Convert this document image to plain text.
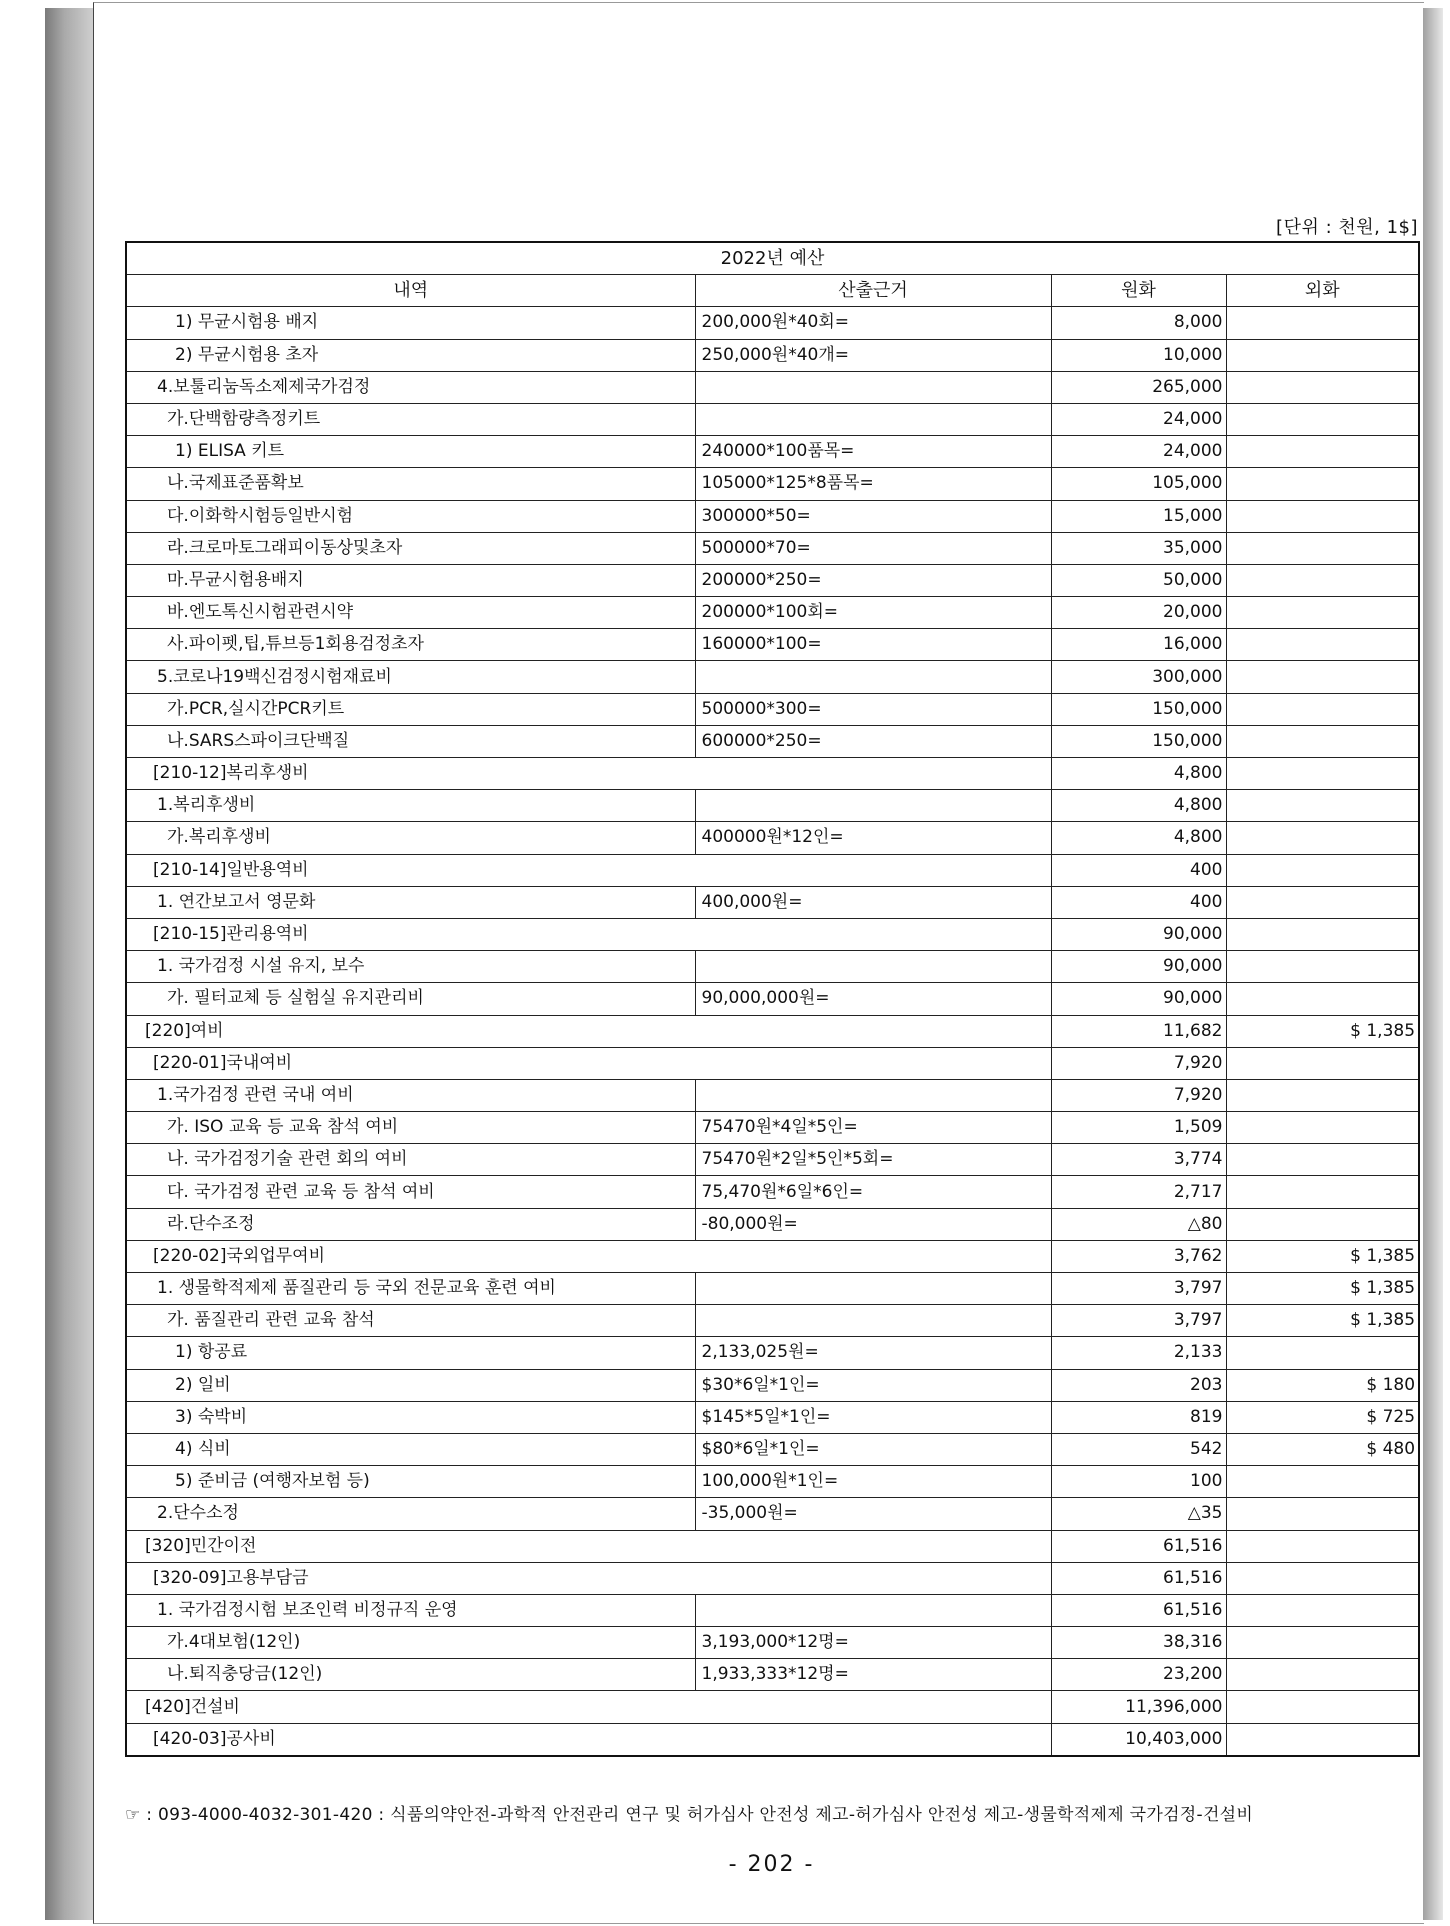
[단위 : 천원, 1$]
2022년 예산			
내역	산출근거	원화	외화
1) 무균시험용 배지	200,000원*40회=	8,000	
2) 무균시험용 초자	250,000원*40개=	10,000	
4.보툴리눔독소제제국가검정		265,000	
가.단백함량측정키트		24,000	
1) ELISA 키트	240000*100품목=	24,000	
나.국제표준품확보	105000*125*8품목=	105,000	
다.이화학시험등일반시험	300000*50=	15,000	
라.크로마토그래피이동상및초자	500000*70=	35,000	
마.무균시험용배지	200000*250=	50,000	
바.엔도톡신시험관련시약	200000*100회=	20,000	
사.파이펫,팁,튜브등1회용검정초자	160000*100=	16,000	
5.코로나19백신검정시험재료비		300,000	
가.PCR,실시간PCR키트	500000*300=	150,000	
나.SARS스파이크단백질	600000*250=	150,000	
[210-12]복리후생비		4,800	
1.복리후생비		4,800	
가.복리후생비	400000원*12인=	4,800	
[210-14]일반용역비		400	
1. 연간보고서 영문화	400,000원=	400	
[210-15]관리용역비		90,000	
1. 국가검정 시설 유지, 보수		90,000	
가. 필터교체 등 실험실 유지관리비	90,000,000원=	90,000	
[220]여비		11,682	$ 1,385
[220-01]국내여비		7,920	
1.국가검정 관련 국내 여비		7,920	
가. ISO 교육 등 교육 참석 여비	75470원*4일*5인=	1,509	
나. 국가검정기술 관련 회의 여비	75470원*2일*5인*5회=	3,774	
다. 국가검정 관련 교육 등 참석 여비	75,470원*6일*6인=	2,717	
라.단수조정	-80,000원=	△80	
[220-02]국외업무여비		3,762	$ 1,385
1. 생물학적제제 품질관리 등 국외 전문교육 훈련 여비		3,797	$ 1,385
가. 품질관리 관련 교육 참석		3,797	$ 1,385
1) 항공료	2,133,025원=	2,133	
2) 일비	$30*6일*1인=	203	$ 180
3) 숙박비	$145*5일*1인=	819	$ 725
4) 식비	$80*6일*1인=	542	$ 480
5) 준비금 (여행자보험 등)	100,000원*1인=	100	
2.단수소정	-35,000원=	△35	
[320]민간이전		61,516	
[320-09]고용부담금		61,516	
1. 국가검정시험 보조인력 비정규직 운영		61,516	
가.4대보험(12인)	3,193,000*12명=	38,316	
나.퇴직충당금(12인)	1,933,333*12명=	23,200	
[420]건설비		11,396,000	
[420-03]공사비		10,403,000	
☞ : 093-4000-4032-301-420 : 식품의약안전-과학적 안전관리 연구 및 허가심사 안전성 제고-허가심사 안전성 제고-생물학적제제 국가검정-건설비
- 202 -
